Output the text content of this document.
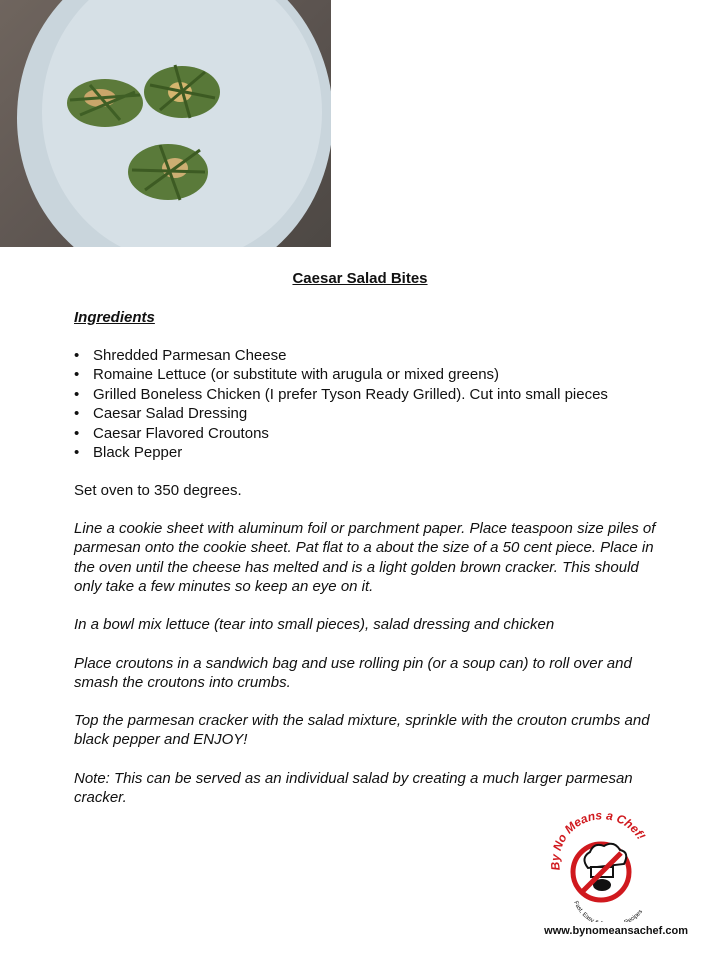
Caesar Salad Bites
Ingredients
• Shredded Parmesan Cheese
• Romaine Lettuce (or substitute with arugula or mixed greens)
• Grilled Boneless Chicken (I prefer Tyson Ready Grilled). Cut into small pieces
• Caesar Salad Dressing
• Caesar Flavored Croutons
• Black Pepper

Set oven to 350 degrees.

Line a cookie sheet with aluminum foil or parchment paper. Place teaspoon size piles of parmesan onto the cookie sheet. Pat flat to a about the size of a 50 cent piece. Place in the oven until the cheese has melted and is a light golden brown cracker. This should only take a few minutes so keep an eye on it.

In a bowl mix lettuce (tear into small pieces), salad dressing and chicken

Place croutons in a sandwich bag and use rolling pin (or a soup can) to roll over and smash the croutons into crumbs.

Top the parmesan cracker with the salad mixture, sprinkle with the crouton crumbs and black pepper and ENJOY!

Note: This can be served as an individual salad by creating a much larger parmesan cracker.

By No Means a Chef!
Fast, Easy ecipes
www.bynomeansachef.com
